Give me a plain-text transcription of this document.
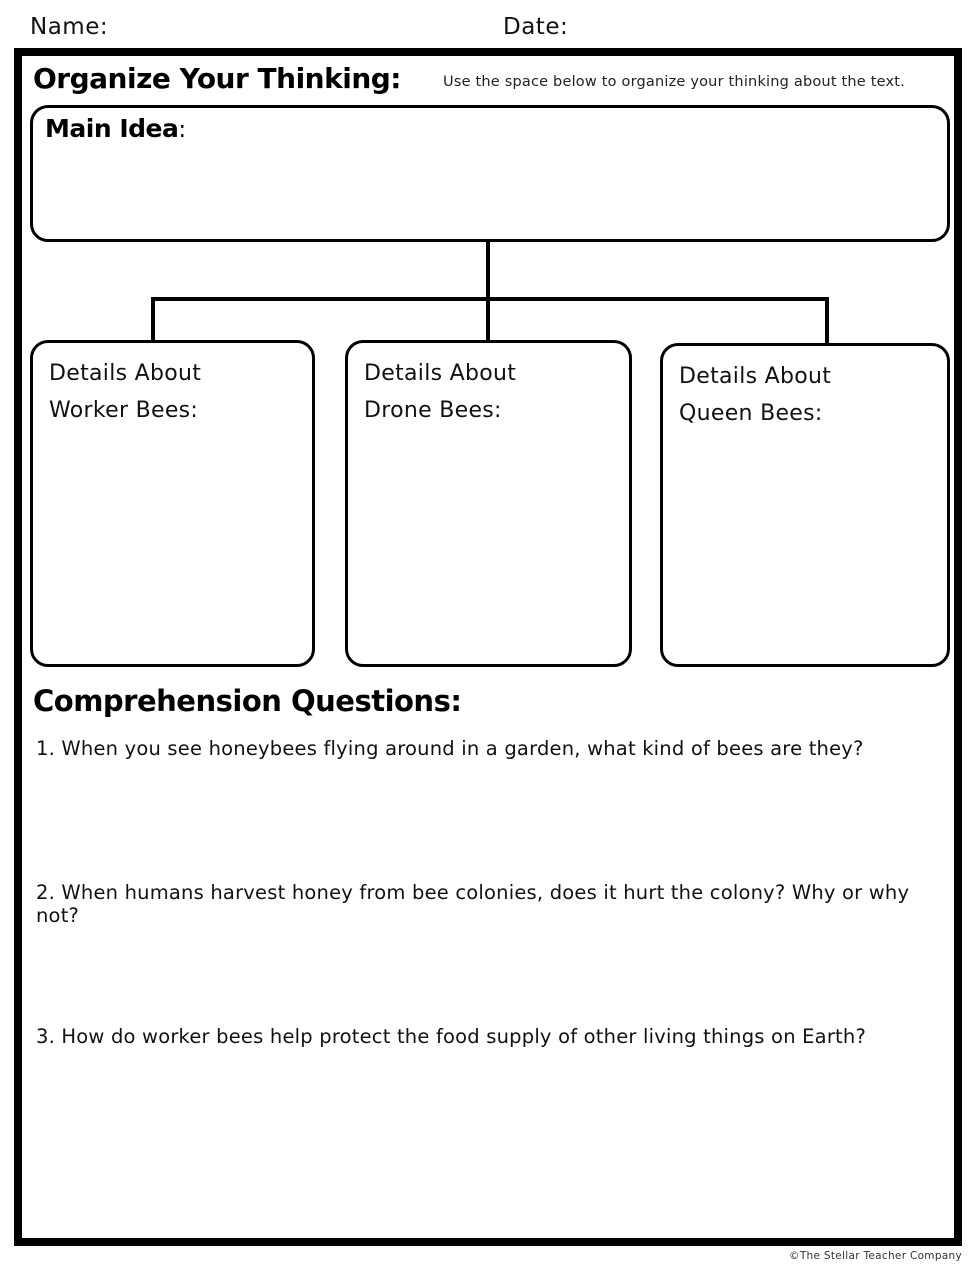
Name:	Date:
Organize Your Thinking:	Use the space below to organize your thinking about the text.
Main Idea:
Details About
Worker Bees:
Details About
Drone Bees:
Details About
Queen Bees:
Comprehension Questions:
1. When you see honeybees flying around in a garden, what kind of bees are they?
2. When humans harvest honey from bee colonies, does it hurt the colony? Why or why not?
3. How do worker bees help protect the food supply of other living things on Earth?
©The Stellar Teacher Company
